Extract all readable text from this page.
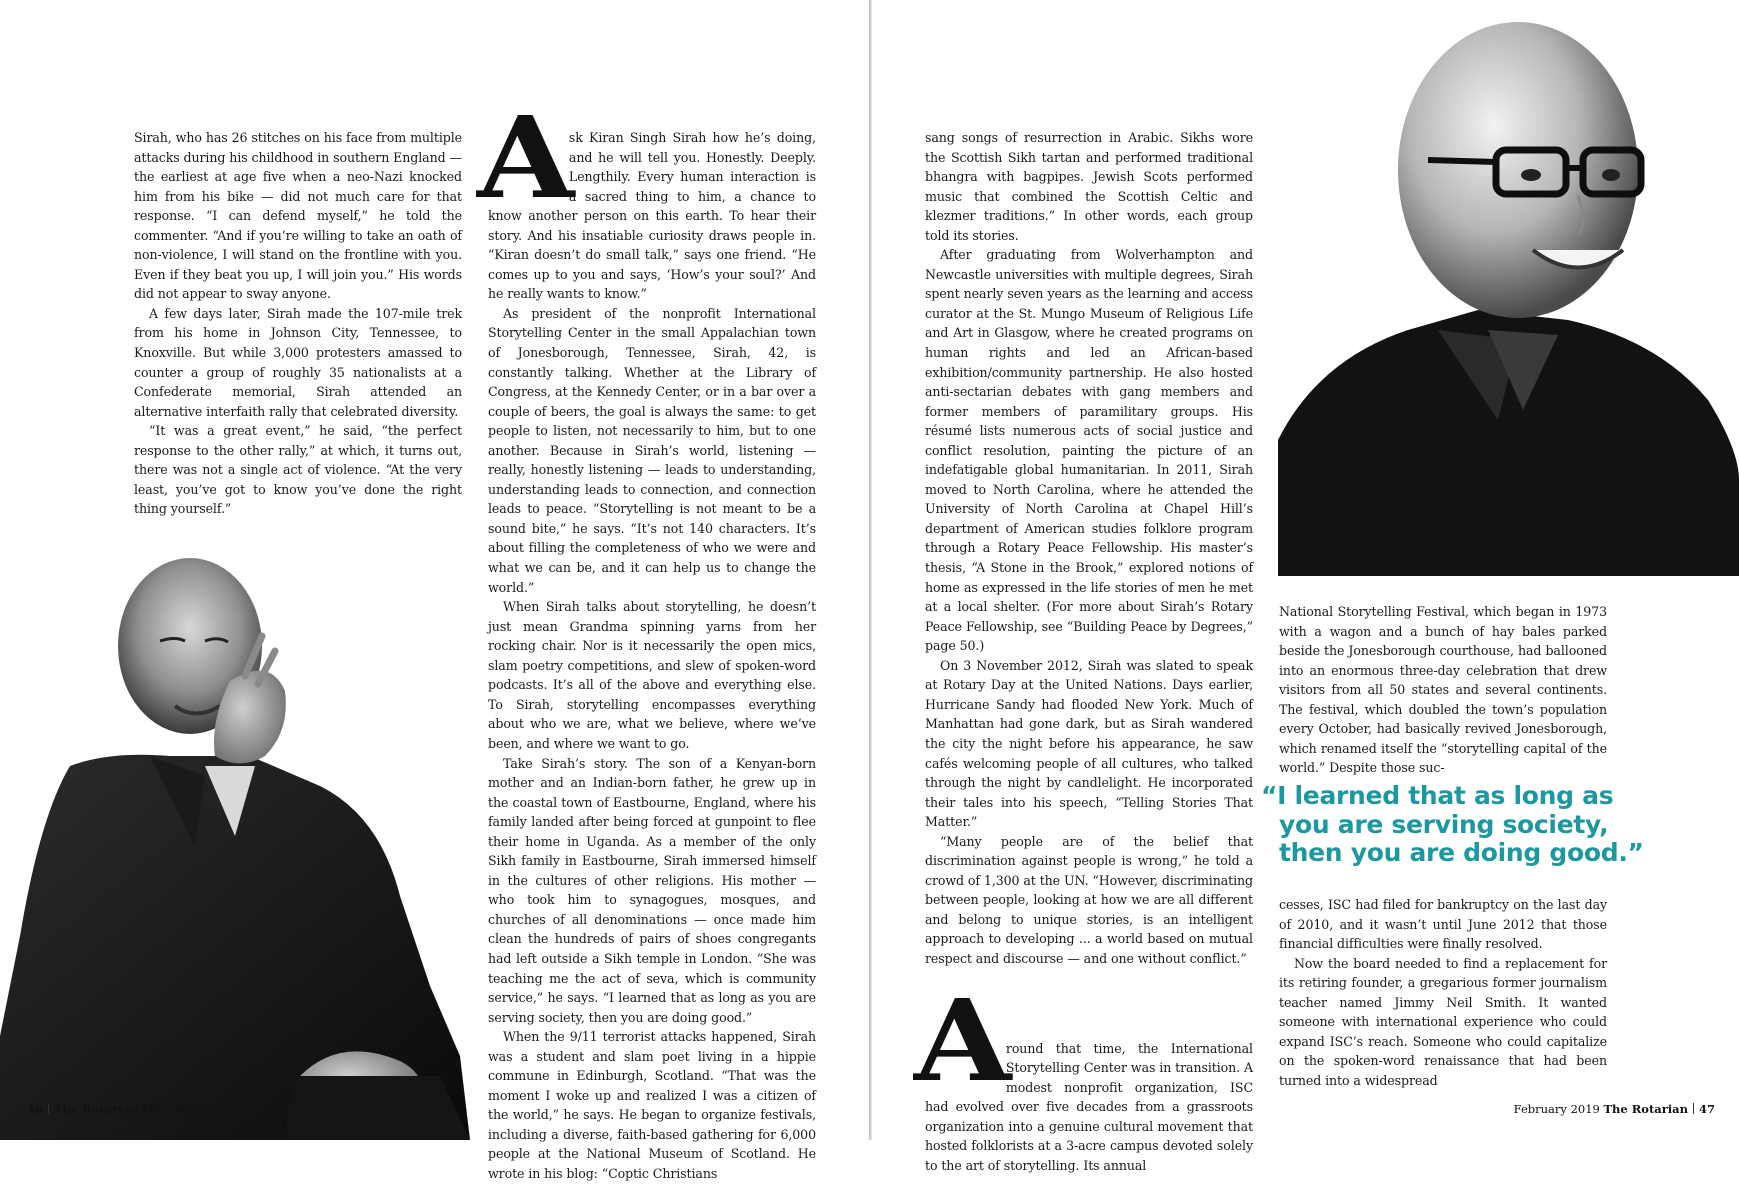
Sirah, who has 26 stitches on his face from multiple attacks during his childhood in southern England — the earliest at age five when a neo-Nazi knocked him from his bike — did not much care for that response. “I can defend myself,” he told the commenter. “And if you’re willing to take an oath of non-violence, I will stand on the frontline with you. Even if they beat you up, I will join you.” His words did not appear to sway anyone.

A few days later, Sirah made the 107-mile trek from his home in Johnson City, Tennessee, to Knoxville. But while 3,000 protesters amassed to counter a group of roughly 35 nationalists at a Confederate memorial, Sirah attended an alternative interfaith rally that celebrated diversity.

“It was a great event,” he said, “the perfect response to the other rally,” at which, it turns out, there was not a single act of violence. “At the very least, you’ve got to know you’ve done the right thing yourself.”

A sk Kiran Singh Sirah how he’s doing, and he will tell you. Honestly. Deeply. Lengthily. Every human interaction is a sacred thing to him, a chance to know another person on this earth. To hear their story. And his insatiable curiosity draws people in. “Kiran doesn’t do small talk,” says one friend. “He comes up to you and says, ‘How’s your soul?’ And he really wants to know.”

As president of the nonprofit International Storytelling Center in the small Appalachian town of Jonesborough, Tennessee, Sirah, 42, is constantly talking. Whether at the Library of Congress, at the Kennedy Center, or in a bar over a couple of beers, the goal is always the same: to get people to listen, not necessarily to him, but to one another. Because in Sirah’s world, listening — really, honestly listening — leads to understanding, understanding leads to connection, and connection leads to peace. “Storytelling is not meant to be a sound bite,” he says. “It’s not 140 characters. It’s about filling the completeness of who we were and what we can be, and it can help us to change the world.”

When Sirah talks about storytelling, he doesn’t just mean Grandma spinning yarns from her rocking chair. Nor is it necessarily the open mics, slam poetry competitions, and slew of spoken-word podcasts. It’s all of the above and everything else. To Sirah, storytelling encompasses everything about who we are, what we believe, where we’ve been, and where we want to go.

Take Sirah’s story. The son of a Kenyan-born mother and an Indian-born father, he grew up in the coastal town of Eastbourne, England, where his family landed after being forced at gunpoint to flee their home in Uganda. As a member of the only Sikh family in Eastbourne, Sirah immersed himself in the cultures of other religions. His mother — who took him to synagogues, mosques, and churches of all denominations — once made him clean the hundreds of pairs of shoes congregants had left outside a Sikh temple in London. “She was teaching me the act of seva, which is community service,” he says. “I learned that as long as you are serving society, then you are doing good.”

When the 9/11 terrorist attacks happened, Sirah was a student and slam poet living in a hippie commune in Edinburgh, Scotland. “That was the moment I woke up and realized I was a citizen of the world,” he says. He began to organize festivals, including a diverse, faith-based gathering for 6,000 people at the National Museum of Scotland. He wrote in his blog: “Coptic Christians

46 The Rotarian February 2019

sang songs of resurrection in Arabic. Sikhs wore the Scottish Sikh tartan and performed traditional bhangra with bagpipes. Jewish Scots performed music that combined the Scottish Celtic and klezmer traditions.” In other words, each group told its stories.

After graduating from Wolverhampton and Newcastle universities with multiple degrees, Sirah spent nearly seven years as the learning and access curator at the St. Mungo Museum of Religious Life and Art in Glasgow, where he created programs on human rights and led an African-based exhibition/community partnership. He also hosted anti-sectarian debates with gang members and former members of paramilitary groups. His résumé lists numerous acts of social justice and conflict resolution, painting the picture of an indefatigable global humanitarian. In 2011, Sirah moved to North Carolina, where he attended the University of North Carolina at Chapel Hill’s department of American studies folklore program through a Rotary Peace Fellowship. His master’s thesis, “A Stone in the Brook,” explored notions of home as expressed in the life stories of men he met at a local shelter. (For more about Sirah’s Rotary Peace Fellowship, see “Building Peace by Degrees,” page 50.)

On 3 November 2012, Sirah was slated to speak at Rotary Day at the United Nations. Days earlier, Hurricane Sandy had flooded New York. Much of Manhattan had gone dark, but as Sirah wandered the city the night before his appearance, he saw cafés welcoming people of all cultures, who talked through the night by candlelight. He incorporated their tales into his speech, “Telling Stories That Matter.”

“Many people are of the belief that discrimination against people is wrong,” he told a crowd of 1,300 at the UN. “However, discriminating between people, looking at how we are all different and belong to unique stories, is an intelligent approach to developing ... a world based on mutual respect and discourse — and one without conflict.”

A round that time, the International Storytelling Center was in transition. A modest nonprofit organization, ISC had evolved over five decades from a grassroots organization into a genuine cultural movement that hosted folklorists at a 3-acre campus devoted solely to the art of storytelling. Its annual

National Storytelling Festival, which began in 1973 with a wagon and a bunch of hay bales parked beside the Jonesborough courthouse, had ballooned into an enormous three-day celebration that drew visitors from all 50 states and several continents. The festival, which doubled the town’s population every October, had basically revived Jonesborough, which renamed itself the “storytelling capital of the world.” Despite those suc-

“I learned that as long as
you are serving society,
then you are doing good.”

cesses, ISC had filed for bankruptcy on the last day of 2010, and it wasn’t until June 2012 that those financial difficulties were finally resolved.

Now the board needed to find a replacement for its retiring founder, a gregarious former journalism teacher named Jimmy Neil Smith. It wanted someone with international experience who could expand ISC’s reach. Someone who could capitalize on the spoken-word renaissance that had been turned into a widespread

February 2019 The Rotarian 47
